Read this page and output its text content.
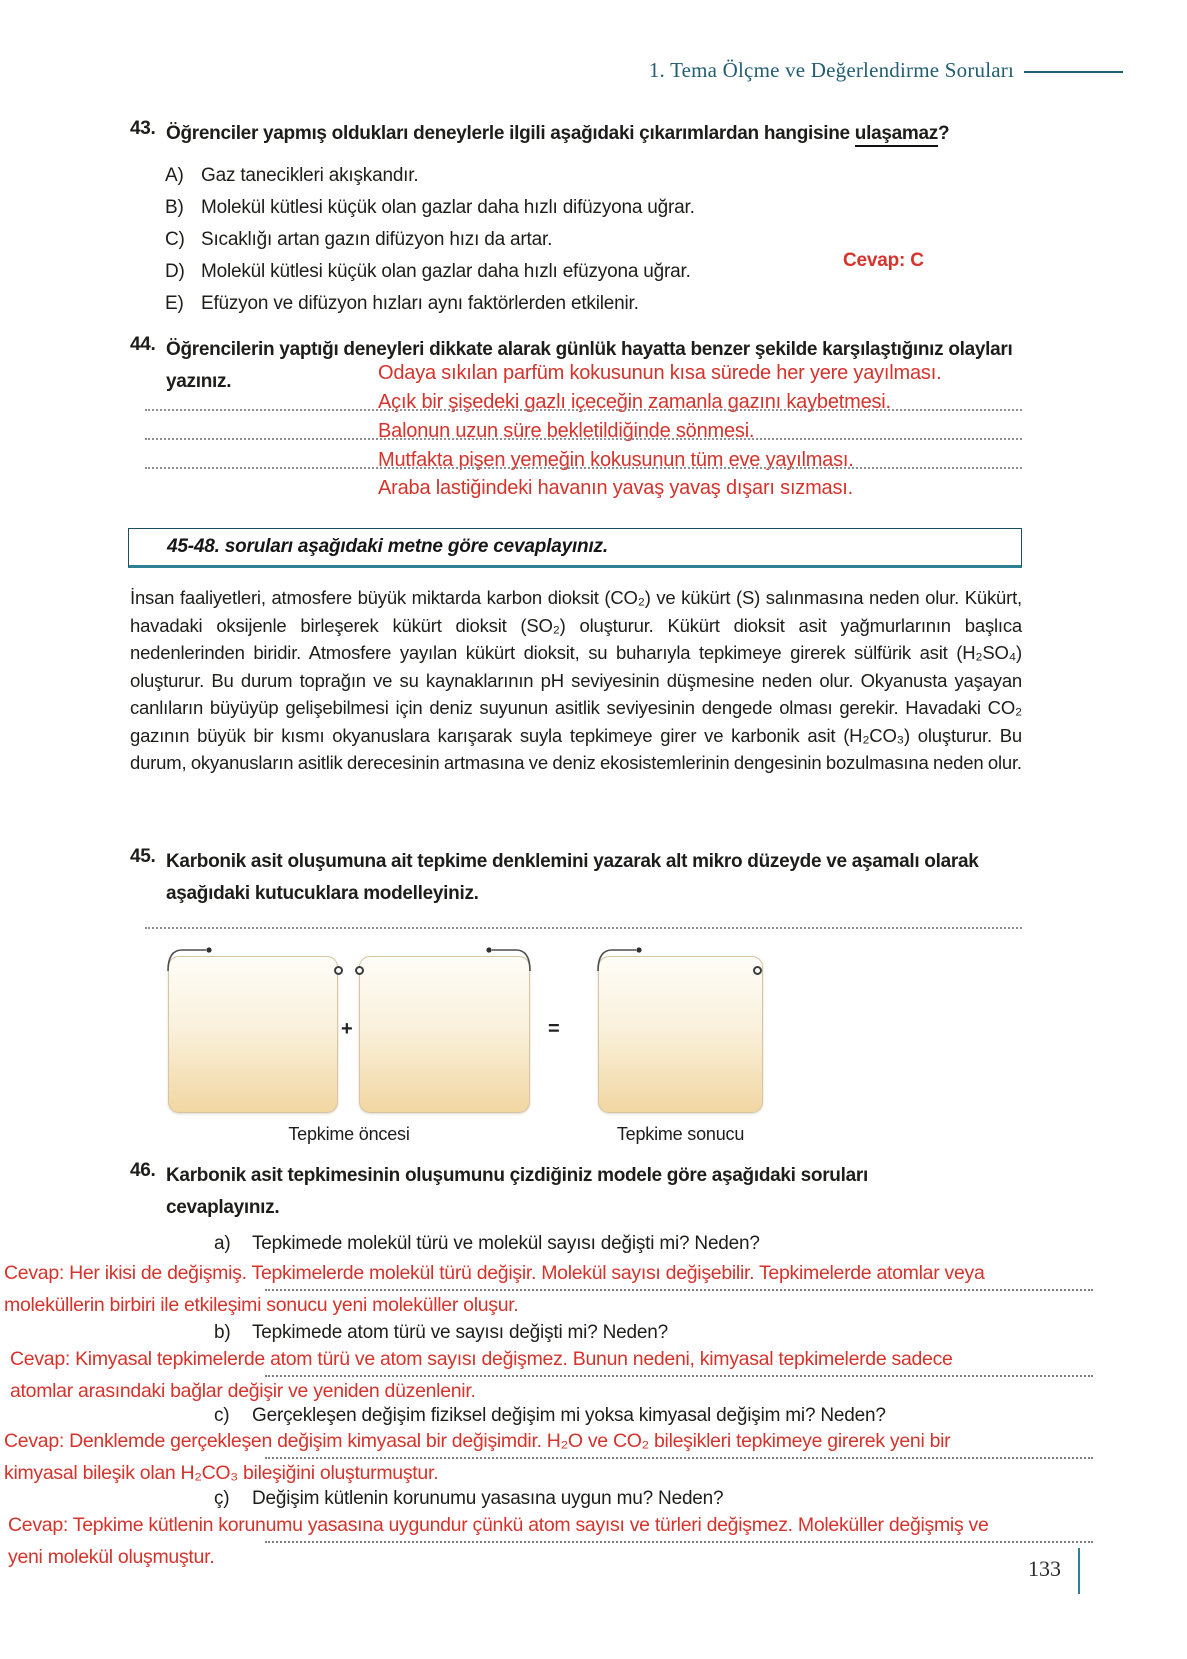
1. Tema Ölçme ve Değerlendirme Soruları
43. Öğrenciler yapmış oldukları deneylerle ilgili aşağıdaki çıkarımlardan hangisine ulaşamaz?
A) Gaz tanecikleri akışkandır.
B) Molekül kütlesi küçük olan gazlar daha hızlı difüzyona uğrar.
C) Sıcaklığı artan gazın difüzyon hızı da artar.
D) Molekül kütlesi küçük olan gazlar daha hızlı efüzyona uğrar.
E) Efüzyon ve difüzyon hızları aynı faktörlerden etkilenir.
Cevap: C
44. Öğrencilerin yaptığı deneyleri dikkate alarak günlük hayatta benzer şekilde karşılaştığınız olayları yazınız.	Odaya sıkılan parfüm kokusunun kısa sürede her yere yayılması.
Açık bir şişedeki gazlı içeceğin zamanla gazını kaybetmesi.
Balonun uzun süre bekletildiğinde sönmesi.
Mutfakta pişen yemeğin kokusunun tüm eve yayılması.
Araba lastiğindeki havanın yavaş yavaş dışarı sızması.
45-48. soruları aşağıdaki metne göre cevaplayınız.
İnsan faaliyetleri, atmosfere büyük miktarda karbon dioksit (CO₂) ve kükürt (S) salınmasına neden olur. Kükürt, havadaki oksijenle birleşerek kükürt dioksit (SO₂) oluşturur. Kükürt dioksit asit yağmurlarının başlıca nedenlerinden biridir. Atmosfere yayılan kükürt dioksit, su buharıyla tepkimeye girerek sülfürik asit (H₂SO₄) oluşturur. Bu durum toprağın ve su kaynaklarının pH seviyesinin düşmesine neden olur. Okyanusta yaşayan canlıların büyüyüp gelişebilmesi için deniz suyunun asitlik seviyesinin dengede olması gerekir. Havadaki CO₂ gazının büyük bir kısmı okyanuslara karışarak suyla tepkimeye girer ve karbonik asit (H₂CO₃) oluşturur. Bu durum, okyanusların asitlik derecesinin artmasına ve deniz ekosistemlerinin dengesinin bozulmasına neden olur.
45. Karbonik asit oluşumuna ait tepkime denklemini yazarak alt mikro düzeyde ve aşamalı olarak aşağıdaki kutucuklara modelleyiniz.
+	=
Tepkime öncesi	Tepkime sonucu
46. Karbonik asit tepkimesinin oluşumunu çizdiğiniz modele göre aşağıdaki soruları cevaplayınız.
a)	Tepkimede molekül türü ve molekül sayısı değişti mi? Neden?
Cevap: Her ikisi de değişmiş. Tepkimelerde molekül türü değişir. Molekül sayısı değişebilir. Tepkimelerde atomlar veya
moleküllerin birbiri ile etkileşimi sonucu yeni moleküller oluşur.
b)	Tepkimede atom türü ve sayısı değişti mi? Neden?
Cevap: Kimyasal tepkimelerde atom türü ve atom sayısı değişmez. Bunun nedeni, kimyasal tepkimelerde sadece
atomlar arasındaki bağlar değişir ve yeniden düzenlenir.
c)	Gerçekleşen değişim fiziksel değişim mi yoksa kimyasal değişim mi? Neden?
Cevap: Denklemde gerçekleşen değişim kimyasal bir değişimdir. H₂O ve CO₂ bileşikleri tepkimeye girerek yeni bir
kimyasal bileşik olan H₂CO₃ bileşiğini oluşturmuştur.
ç)	Değişim kütlenin korunumu yasasına uygun mu? Neden?
Cevap: Tepkime kütlenin korunumu yasasına uygundur çünkü atom sayısı ve türleri değişmez. Moleküller değişmiş ve
yeni molekül oluşmuştur.	133
